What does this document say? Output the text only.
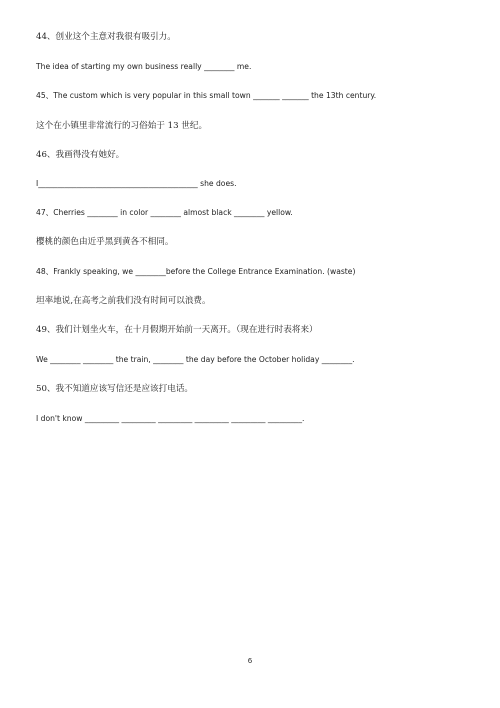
44、创业这个主意对我很有吸引力。
The idea of starting my own business really ________ me.
45、The custom which is very popular in this small town _______ _______ the 13th century.
这个在小镇里非常流行的习俗始于 13 世纪。
46、我画得没有她好。
I__________________________________________ she does.
47、Cherries ________ in color ________ almost black ________ yellow.
樱桃的颜色由近乎黑到黄各不相同。
48、Frankly speaking, we ________before the College Entrance Examination. (waste)
坦率地说,在高考之前我们没有时间可以浪费。
49、我们计划坐火车，在十月假期开始前一天离开。（现在进行时表将来）
We ________ ________ the train, ________ the day before the October holiday ________.
50、我不知道应该写信还是应该打电话。
I don't know _________ _________ _________ _________ _________ _________.
6
